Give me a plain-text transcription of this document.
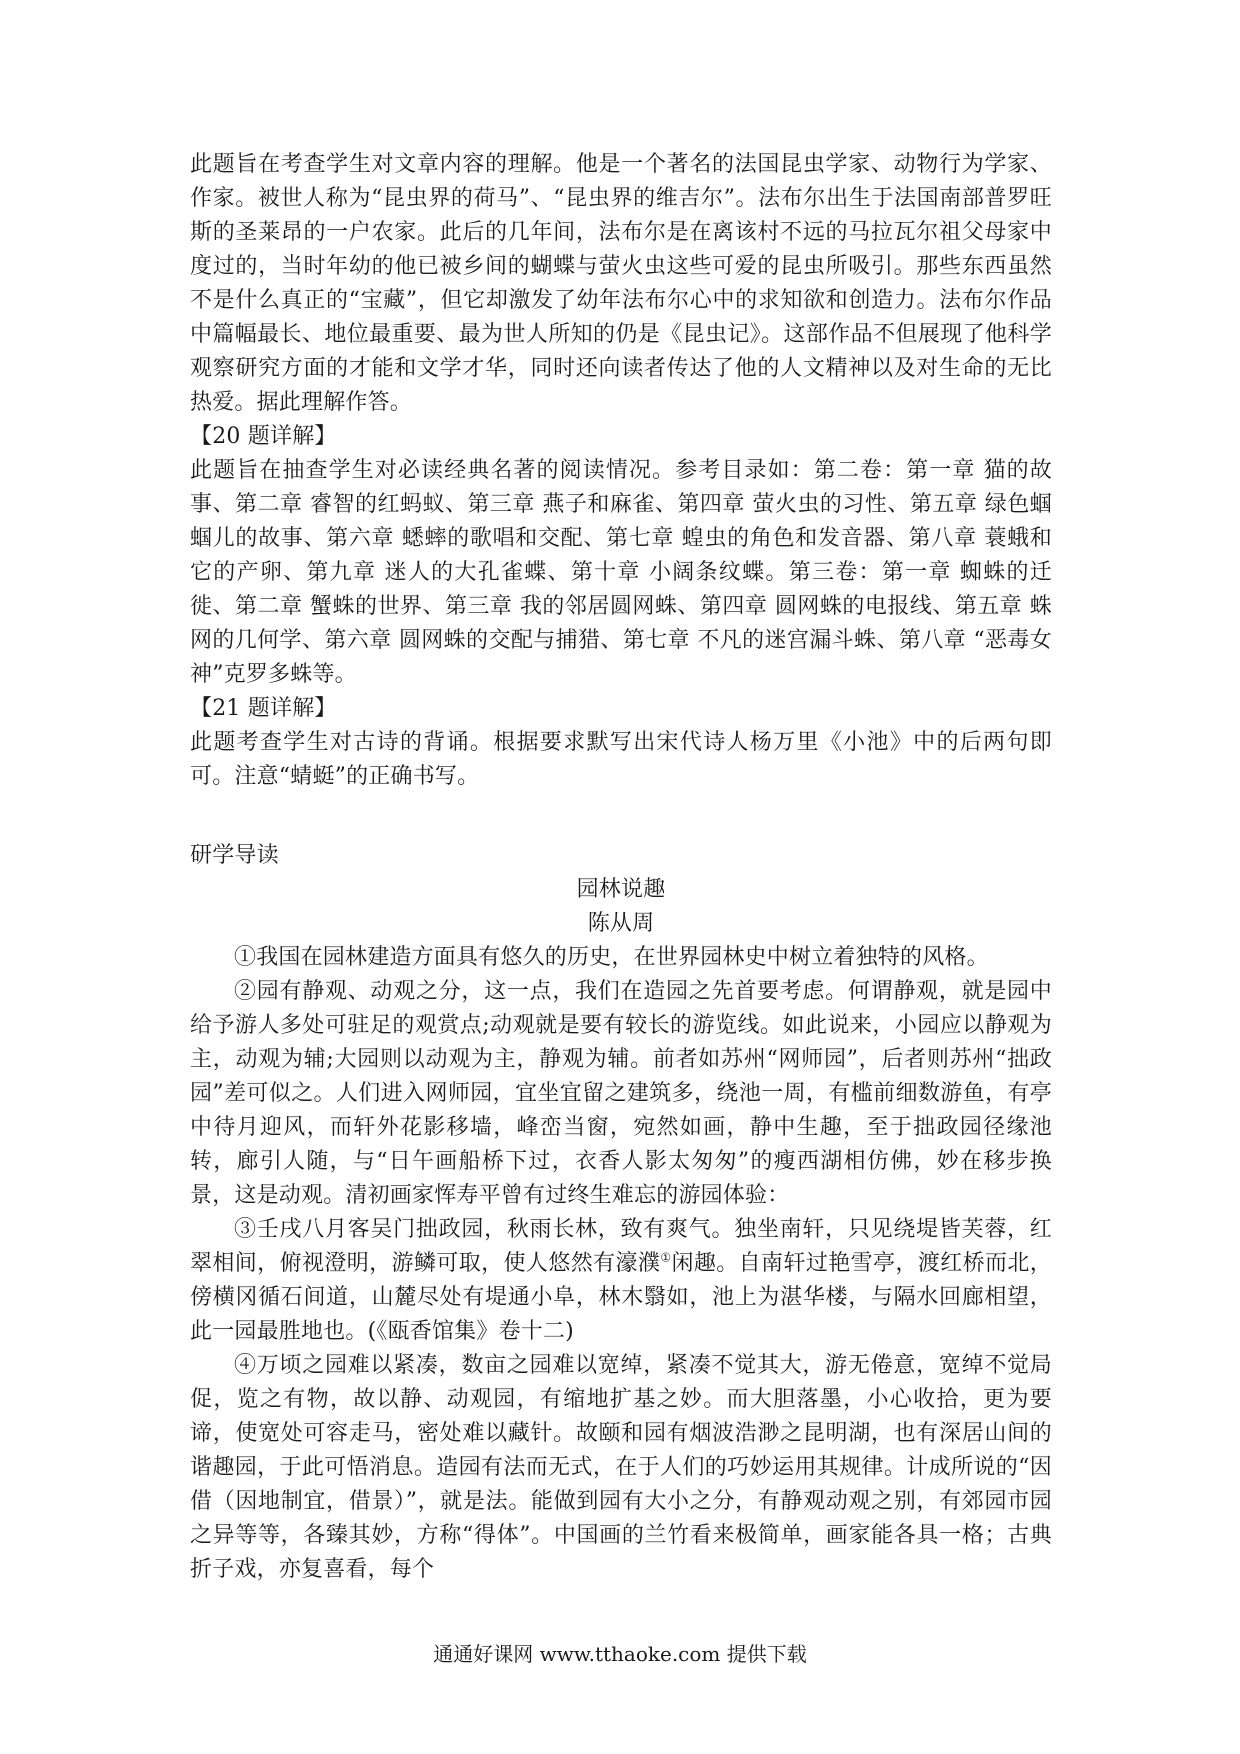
此题旨在考查学生对文章内容的理解。他是一个著名的法国昆虫学家、动物行为学家、作家。被世人称为“昆虫界的荷马”、“昆虫界的维吉尔”。法布尔出生于法国南部普罗旺斯的圣莱昂的一户农家。此后的几年间，法布尔是在离该村不远的马拉瓦尔祖父母家中度过的，当时年幼的他已被乡间的蝴蝶与萤火虫这些可爱的昆虫所吸引。那些东西虽然不是什么真正的“宝藏”，但它却激发了幼年法布尔心中的求知欲和创造力。法布尔作品中篇幅最长、地位最重要、最为世人所知的仍是《昆虫记》。这部作品不但展现了他科学观察研究方面的才能和文学才华，同时还向读者传达了他的人文精神以及对生命的无比热爱。据此理解作答。

【20 题详解】

此题旨在抽查学生对必读经典名著的阅读情况。参考目录如：第二卷：第一章 猫的故事、第二章 睿智的红蚂蚁、第三章 燕子和麻雀、第四章 萤火虫的习性、第五章 绿色蝈蝈儿的故事、第六章 蟋蟀的歌唱和交配、第七章 蝗虫的角色和发音器、第八章 蓑蛾和它的产卵、第九章 迷人的大孔雀蝶、第十章 小阔条纹蝶。第三卷：第一章 蜘蛛的迁徙、第二章 蟹蛛的世界、第三章 我的邻居圆网蛛、第四章 圆网蛛的电报线、第五章 蛛网的几何学、第六章 圆网蛛的交配与捕猎、第七章 不凡的迷宫漏斗蛛、第八章 “恶毒女神”克罗多蛛等。

【21 题详解】

此题考查学生对古诗的背诵。根据要求默写出宋代诗人杨万里《小池》中的后两句即可。注意“蜻蜓”的正确书写。

研学导读

园林说趣

陈从周

①我国在园林建造方面具有悠久的历史，在世界园林史中树立着独特的风格。

②园有静观、动观之分，这一点，我们在造园之先首要考虑。何谓静观，就是园中给予游人多处可驻足的观赏点;动观就是要有较长的游览线。如此说来，小园应以静观为主，动观为辅;大园则以动观为主，静观为辅。前者如苏州“网师园”，后者则苏州“拙政园”差可似之。人们进入网师园，宜坐宜留之建筑多，绕池一周，有槛前细数游鱼，有亭中待月迎风，而轩外花影移墙，峰峦当窗，宛然如画，静中生趣，至于拙政园径缘池转，廊引人随，与“日午画船桥下过，衣香人影太匆匆”的瘦西湖相仿佛，妙在移步换景，这是动观。清初画家恽寿平曾有过终生难忘的游园体验：

③壬戌八月客吴门拙政园，秋雨长林，致有爽气。独坐南轩，只见绕堤皆芙蓉，红翠相间，俯视澄明，游鳞可取，使人悠然有濠濮①闲趣。自南轩过艳雪亭，渡红桥而北，傍横冈循石间道，山麓尽处有堤通小阜，林木翳如，池上为湛华楼，与隔水回廊相望，此一园最胜地也。(《瓯香馆集》卷十二)

④万顷之园难以紧凑，数亩之园难以宽绰，紧凑不觉其大，游无倦意，宽绰不觉局促，览之有物，故以静、动观园，有缩地扩基之妙。而大胆落墨，小心收拾，更为要谛，使宽处可容走马，密处难以藏针。故颐和园有烟波浩渺之昆明湖，也有深居山间的谐趣园，于此可悟消息。造园有法而无式，在于人们的巧妙运用其规律。计成所说的“因借（因地制宜，借景）”，就是法。能做到园有大小之分，有静观动观之别，有郊园市园之异等等，各臻其妙，方称“得体”。中国画的兰竹看来极简单，画家能各具一格；古典折子戏，亦复喜看，每个

通通好课网 www.tthaoke.com 提供下载
